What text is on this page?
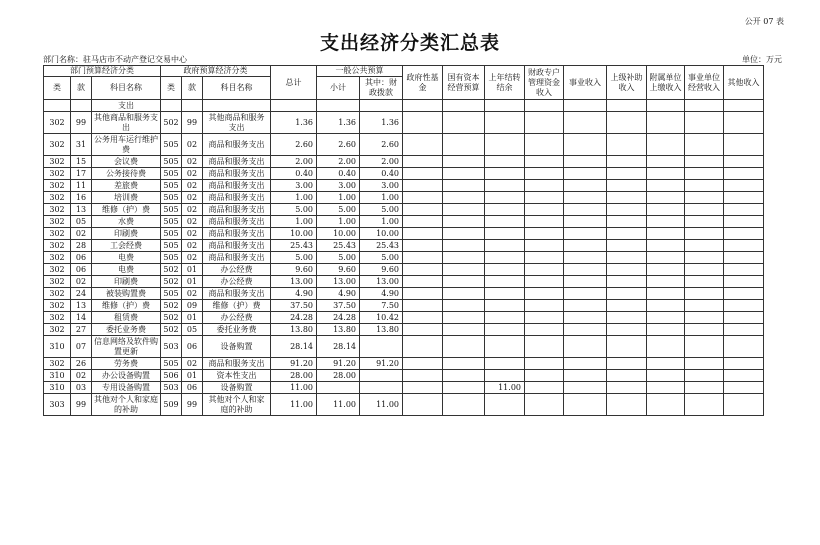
公开 07 表
支出经济分类汇总表
部门名称：驻马店市不动产登记交易中心	单位：万元
部门预算经济分类			政府预算经济分类			总计	一般公共预算		政府性基金	国有资本经营预算	上年结转结余	财政专户管理资金收入	事业收入	上级补助收入	附属单位上缴收入	事业单位经营收入	其他收入
类	款	科目名称	类	款	科目名称		小计	其中：财政拨款									
		支出															
302	99	其他商品和服务支出	502	99	其他商品和服务支出	1.36	1.36	1.36									
302	31	公务用车运行维护费	505	02	商品和服务支出	2.60	2.60	2.60									
302	15	会议费	505	02	商品和服务支出	2.00	2.00	2.00									
302	17	公务接待费	505	02	商品和服务支出	0.40	0.40	0.40									
302	11	差旅费	505	02	商品和服务支出	3.00	3.00	3.00									
302	16	培训费	505	02	商品和服务支出	1.00	1.00	1.00									
302	13	维修（护）费	505	02	商品和服务支出	5.00	5.00	5.00									
302	05	水费	505	02	商品和服务支出	1.00	1.00	1.00									
302	02	印刷费	505	02	商品和服务支出	10.00	10.00	10.00									
302	28	工会经费	505	02	商品和服务支出	25.43	25.43	25.43									
302	06	电费	505	02	商品和服务支出	5.00	5.00	5.00									
302	06	电费	502	01	办公经费	9.60	9.60	9.60									
302	02	印刷费	502	01	办公经费	13.00	13.00	13.00									
302	24	被装购置费	505	02	商品和服务支出	4.90	4.90	4.90									
302	13	维修（护）费	502	09	维修（护）费	37.50	37.50	7.50									
302	14	租赁费	502	01	办公经费	24.28	24.28	10.42									
302	27	委托业务费	502	05	委托业务费	13.80	13.80	13.80									
310	07	信息网络及软件购置更新	503	06	设备购置	28.14	28.14										
302	26	劳务费	505	02	商品和服务支出	91.20	91.20	91.20									
310	02	办公设备购置	506	01	资本性支出	28.00	28.00										
310	03	专用设备购置	503	06	设备购置	11.00					11.00						
303	99	其他对个人和家庭的补助	509	99	其他对个人和家庭的补助	11.00	11.00	11.00									
